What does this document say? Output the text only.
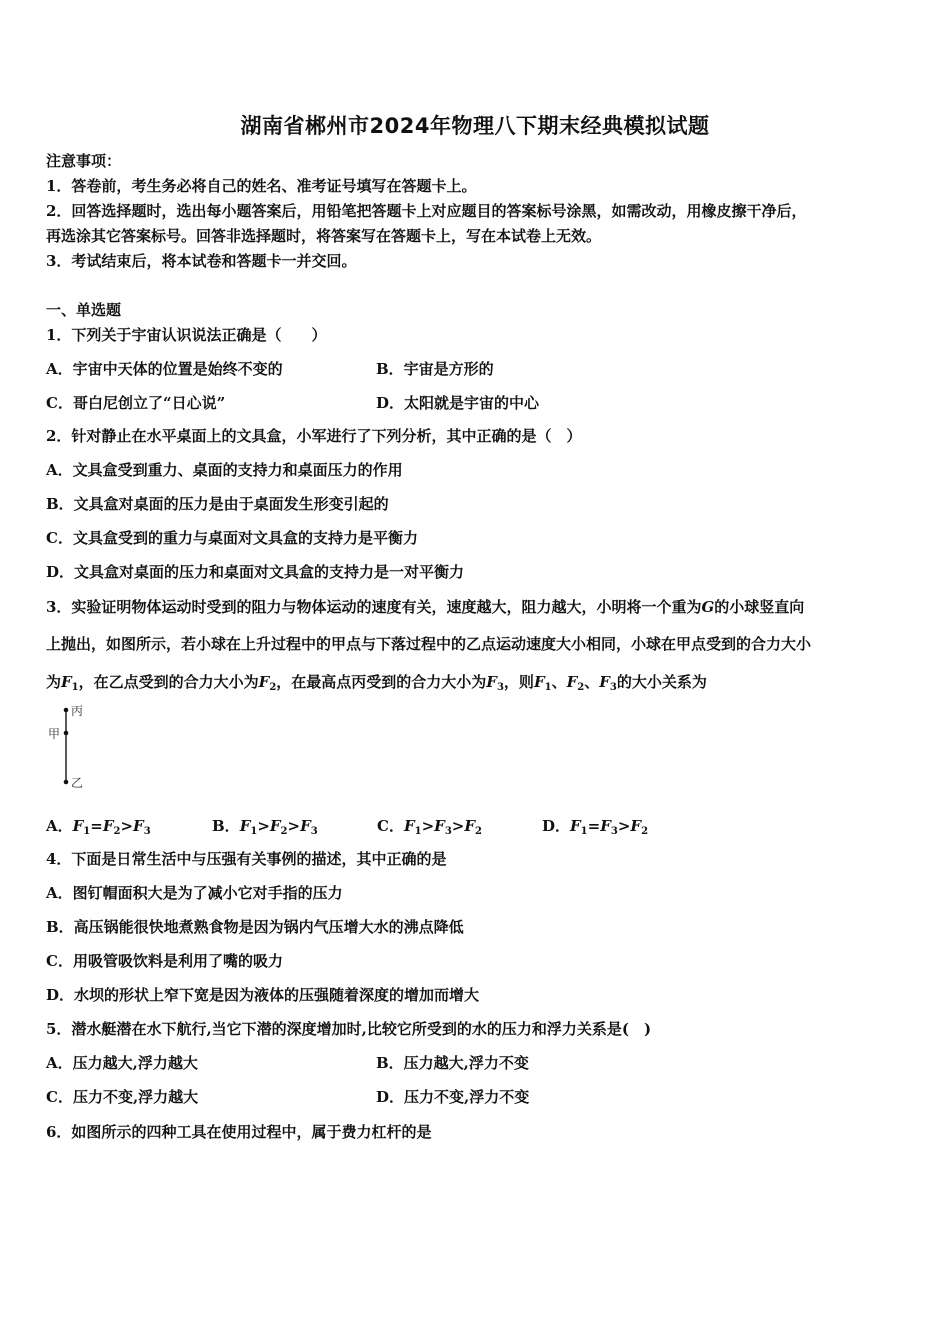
湖南省郴州市2024年物理八下期末经典模拟试题
注意事项：
1．答卷前，考生务必将自己的姓名、准考证号填写在答题卡上。
2．回答选择题时，选出每小题答案后，用铅笔把答题卡上对应题目的答案标号涂黑，如需改动，用橡皮擦干净后，
再选涂其它答案标号。回答非选择题时，将答案写在答题卡上，写在本试卷上无效。
3．考试结束后，将本试卷和答题卡一并交回。
一、单选题
1．下列关于宇宙认识说法正确是（　　）
A．宇宙中天体的位置是始终不变的	B．宇宙是方形的
C．哥白尼创立了“日心说”	D．太阳就是宇宙的中心
2．针对静止在水平桌面上的文具盒，小军进行了下列分析，其中正确的是（　）
A．文具盒受到重力、桌面的支持力和桌面压力的作用
B．文具盒对桌面的压力是由于桌面发生形变引起的
C．文具盒受到的重力与桌面对文具盒的支持力是平衡力
D．文具盒对桌面的压力和桌面对文具盒的支持力是一对平衡力
3．实验证明物体运动时受到的阻力与物体运动的速度有关，速度越大，阻力越大，小明将一个重为G的小球竖直向
上抛出，如图所示，若小球在上升过程中的甲点与下落过程中的乙点运动速度大小相同，小球在甲点受到的合力大小
为$F_1$，在乙点受到的合力大小为$F_2$，在最高点丙受到的合力大小为$F_3$，则$F_1$、$F_2$、$F_3$的大小关系为
丙
甲
乙
A．$F_1=F_2>F_3$	B．$F_1>F_2>F_3$	C．$F_1>F_3>F_2$	D．$F_1=F_3>F_2$
4．下面是日常生活中与压强有关事例的描述，其中正确的是
A．图钉帽面积大是为了减小它对手指的压力
B．高压锅能很快地煮熟食物是因为锅内气压增大水的沸点降低
C．用吸管吸饮料是利用了嘴的吸力
D．水坝的形状上窄下宽是因为液体的压强随着深度的增加而增大
5．潜水艇潜在水下航行,当它下潜的深度增加时,比较它所受到的水的压力和浮力关系是(　)
A．压力越大,浮力越大	B．压力越大,浮力不变
C．压力不变,浮力越大	D．压力不变,浮力不变
6．如图所示的四种工具在使用过程中，属于费力杠杆的是
